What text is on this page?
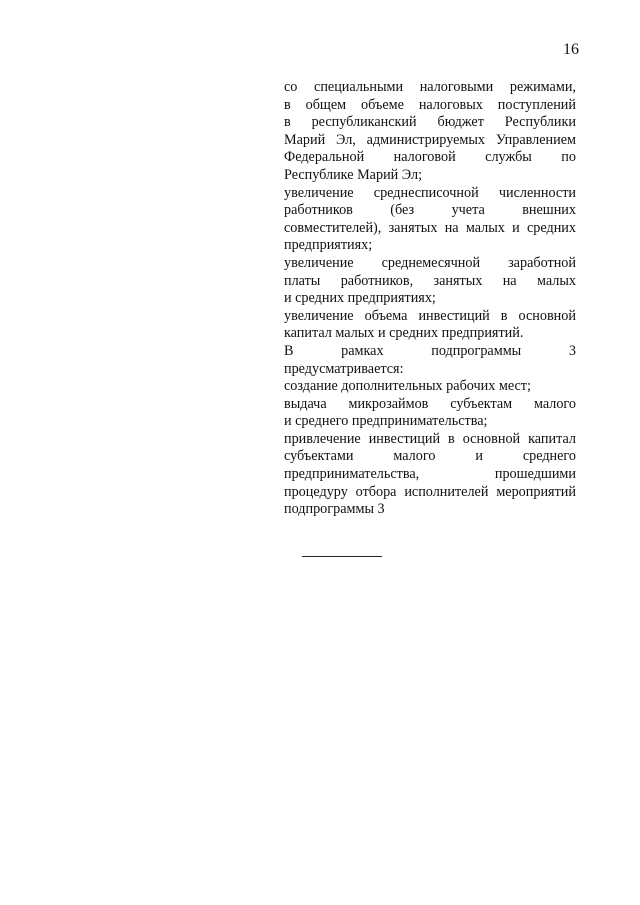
16
со специальными налоговыми режимами,
в общем объеме налоговых поступлений
в республиканский бюджет Республики
Марий Эл, администрируемых Управлением
Федеральной налоговой службы по
Республике Марий Эл;
увеличение среднесписочной численности
работников	(без	учета	внешних
совместителей), занятых на малых и средних
предприятиях;
увеличение среднемесячной заработной
платы работников, занятых на малых
и средних предприятиях;
увеличение объема инвестиций в основной
капитал малых и средних предприятий.
В	рамках	подпрограммы	3
предусматривается:
создание дополнительных рабочих мест;
выдача микрозаймов субъектам малого
и среднего предпринимательства;
привлечение инвестиций в основной капитал
субъектами	малого	и	среднего
предпринимательства,	прошедшими
процедуру отбора исполнителей мероприятий
подпрограммы 3
